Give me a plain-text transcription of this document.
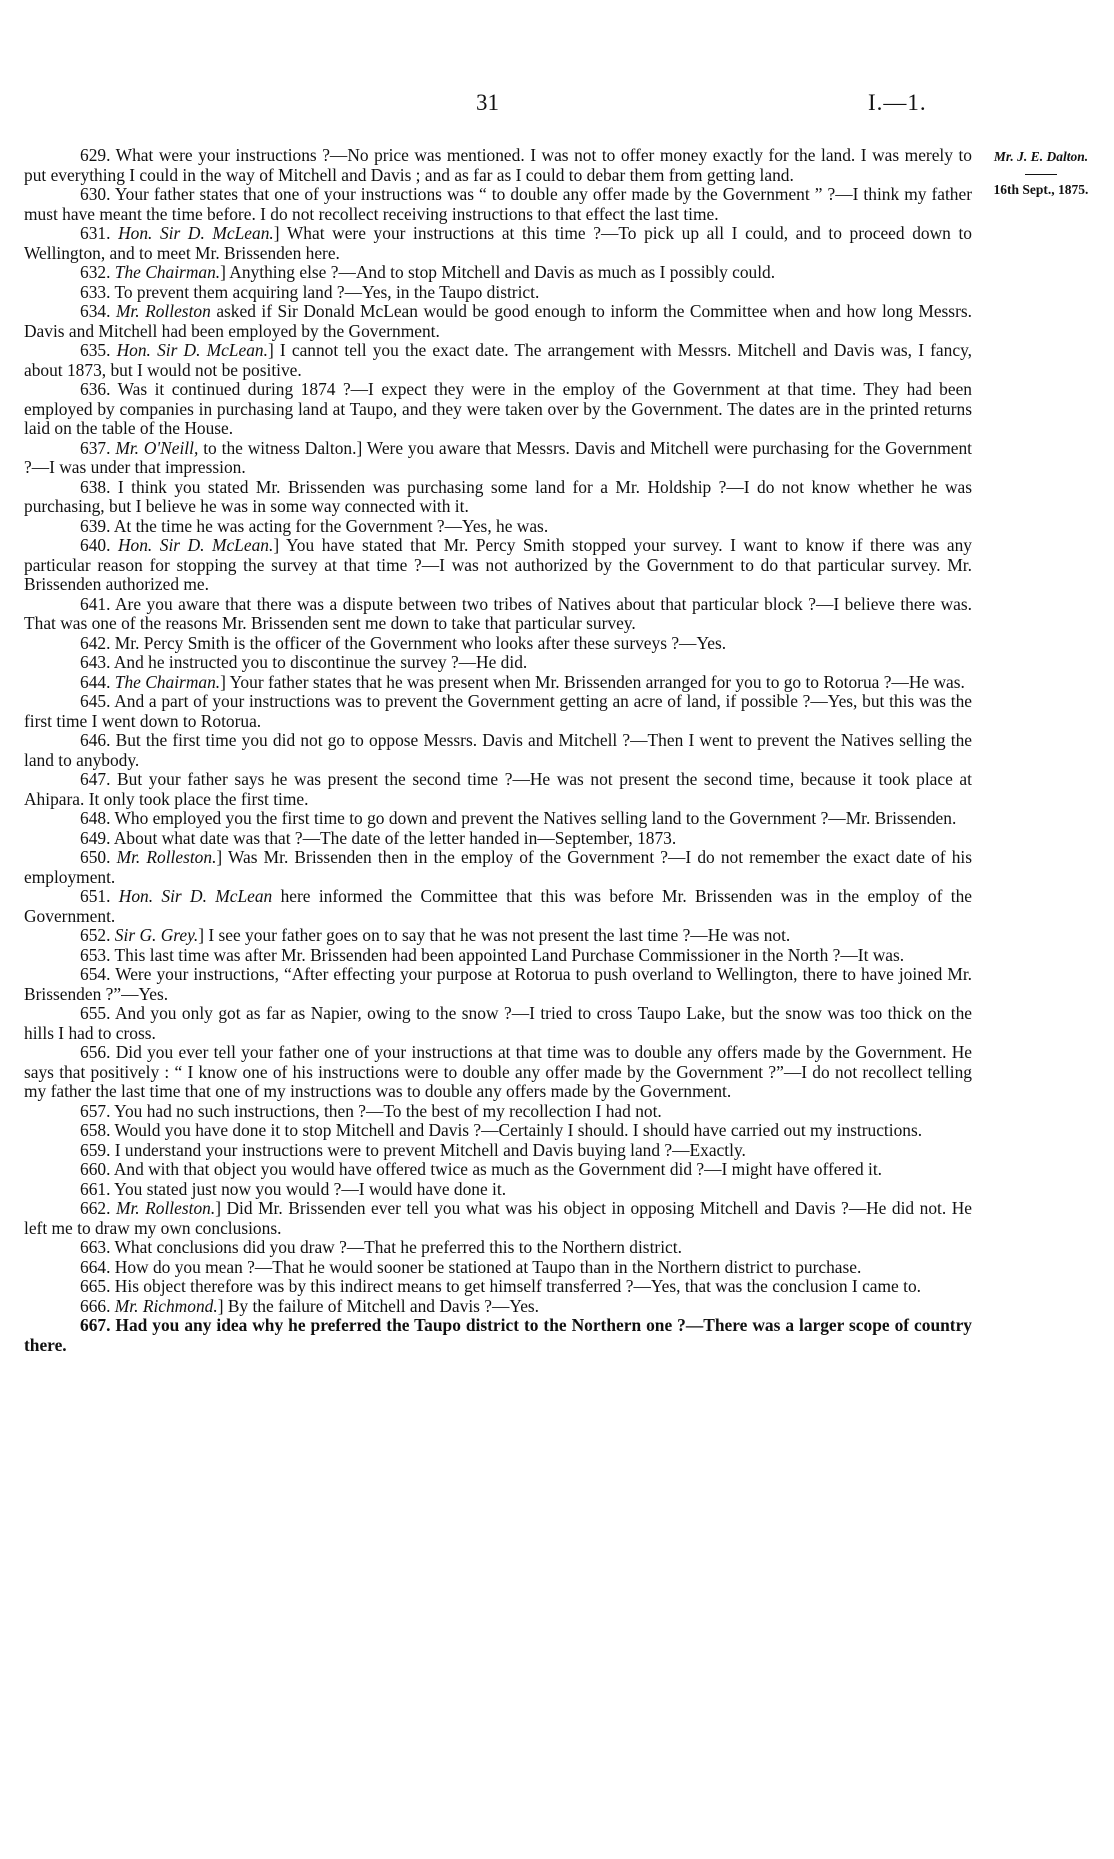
31	I.—1.
Mr. J. E. Dalton.
16th Sept., 1875.

629. What were your instructions ?—No price was mentioned. I was not to offer money exactly for the land. I was merely to put everything I could in the way of Mitchell and Davis ; and as far as I could to debar them from getting land.

630. Your father states that one of your instructions was “ to double any offer made by the Government ” ?—I think my father must have meant the time before. I do not recollect receiving instructions to that effect the last time.

631. Hon. Sir D. McLean.] What were your instructions at this time ?—To pick up all I could, and to proceed down to Wellington, and to meet Mr. Brissenden here.

632. The Chairman.] Anything else ?—And to stop Mitchell and Davis as much as I possibly could.

633. To prevent them acquiring land ?—Yes, in the Taupo district.

634. Mr. Rolleston asked if Sir Donald McLean would be good enough to inform the Committee when and how long Messrs. Davis and Mitchell had been employed by the Government.

635. Hon. Sir D. McLean.] I cannot tell you the exact date. The arrangement with Messrs. Mitchell and Davis was, I fancy, about 1873, but I would not be positive.

636. Was it continued during 1874 ?—I expect they were in the employ of the Government at that time. They had been employed by companies in purchasing land at Taupo, and they were taken over by the Government. The dates are in the printed returns laid on the table of the House.

637. Mr. O'Neill, to the witness Dalton.] Were you aware that Messrs. Davis and Mitchell were purchasing for the Government ?—I was under that impression.

638. I think you stated Mr. Brissenden was purchasing some land for a Mr. Holdship ?—I do not know whether he was purchasing, but I believe he was in some way connected with it.

639. At the time he was acting for the Government ?—Yes, he was.

640. Hon. Sir D. McLean.] You have stated that Mr. Percy Smith stopped your survey. I want to know if there was any particular reason for stopping the survey at that time ?—I was not authorized by the Government to do that particular survey. Mr. Brissenden authorized me.

641. Are you aware that there was a dispute between two tribes of Natives about that particular block ?—I believe there was. That was one of the reasons Mr. Brissenden sent me down to take that particular survey.

642. Mr. Percy Smith is the officer of the Government who looks after these surveys ?—Yes.

643. And he instructed you to discontinue the survey ?—He did.

644. The Chairman.] Your father states that he was present when Mr. Brissenden arranged for you to go to Rotorua ?—He was.

645. And a part of your instructions was to prevent the Government getting an acre of land, if possible ?—Yes, but this was the first time I went down to Rotorua.

646. But the first time you did not go to oppose Messrs. Davis and Mitchell ?—Then I went to prevent the Natives selling the land to anybody.

647. But your father says he was present the second time ?—He was not present the second time, because it took place at Ahipara. It only took place the first time.

648. Who employed you the first time to go down and prevent the Natives selling land to the Government ?—Mr. Brissenden.

649. About what date was that ?—The date of the letter handed in—September, 1873.

650. Mr. Rolleston.] Was Mr. Brissenden then in the employ of the Government ?—I do not remember the exact date of his employment.

651. Hon. Sir D. McLean here informed the Committee that this was before Mr. Brissenden was in the employ of the Government.

652. Sir G. Grey.] I see your father goes on to say that he was not present the last time ?—He was not.

653. This last time was after Mr. Brissenden had been appointed Land Purchase Commissioner in the North ?—It was.

654. Were your instructions, “After effecting your purpose at Rotorua to push overland to Wellington, there to have joined Mr. Brissenden ?”—Yes.

655. And you only got as far as Napier, owing to the snow ?—I tried to cross Taupo Lake, but the snow was too thick on the hills I had to cross.

656. Did you ever tell your father one of your instructions at that time was to double any offers made by the Government. He says that positively : “ I know one of his instructions were to double any offer made by the Government ?”—I do not recollect telling my father the last time that one of my instructions was to double any offers made by the Government.

657. You had no such instructions, then ?—To the best of my recollection I had not.

658. Would you have done it to stop Mitchell and Davis ?—Certainly I should. I should have carried out my instructions.

659. I understand your instructions were to prevent Mitchell and Davis buying land ?—Exactly.

660. And with that object you would have offered twice as much as the Government did ?—I might have offered it.

661. You stated just now you would ?—I would have done it.

662. Mr. Rolleston.] Did Mr. Brissenden ever tell you what was his object in opposing Mitchell and Davis ?—He did not. He left me to draw my own conclusions.

663. What conclusions did you draw ?—That he preferred this to the Northern district.

664. How do you mean ?—That he would sooner be stationed at Taupo than in the Northern district to purchase.

665. His object therefore was by this indirect means to get himself transferred ?—Yes, that was the conclusion I came to.

666. Mr. Richmond.] By the failure of Mitchell and Davis ?—Yes.

667. Had you any idea why he preferred the Taupo district to the Northern one ?—There was a larger scope of country there.
